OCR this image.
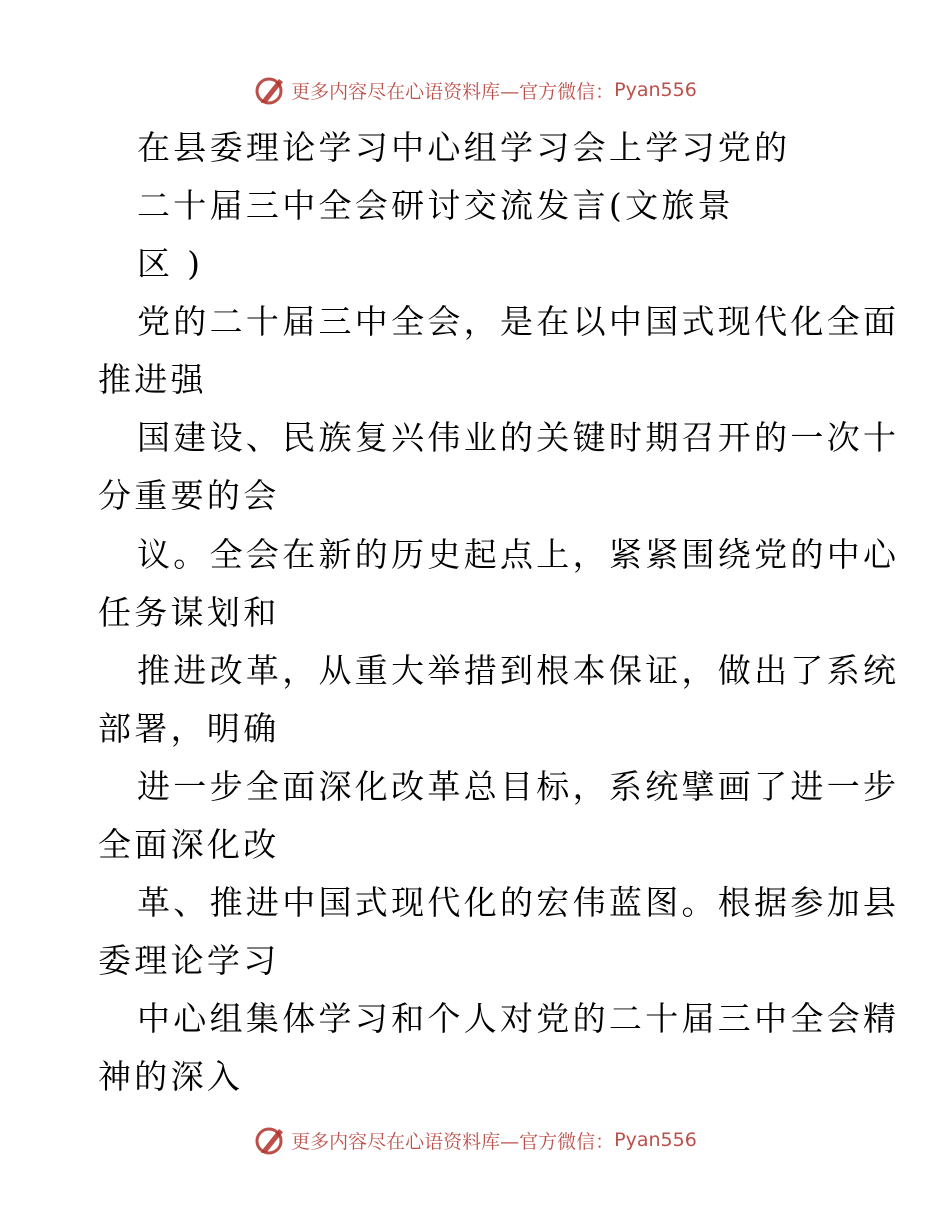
更多内容尽在心语资料库—官方微信： Pyan556
在县委理论学习中心组学习会上学习党的
二十届三中全会研讨交流发言(文旅景
区 )
党的二十届三中全会，是在以中国式现代化全面
推进强
国建设、民族复兴伟业的关键时期召开的一次十
分重要的会
议。全会在新的历史起点上，紧紧围绕党的中心
任务谋划和
推进改革，从重大举措到根本保证，做出了系统
部署，明确
进一步全面深化改革总目标，系统擘画了进一步
全面深化改
革、推进中国式现代化的宏伟蓝图。根据参加县
委理论学习
中心组集体学习和个人对党的二十届三中全会精
神的深入
更多内容尽在心语资料库—官方微信： Pyan556
